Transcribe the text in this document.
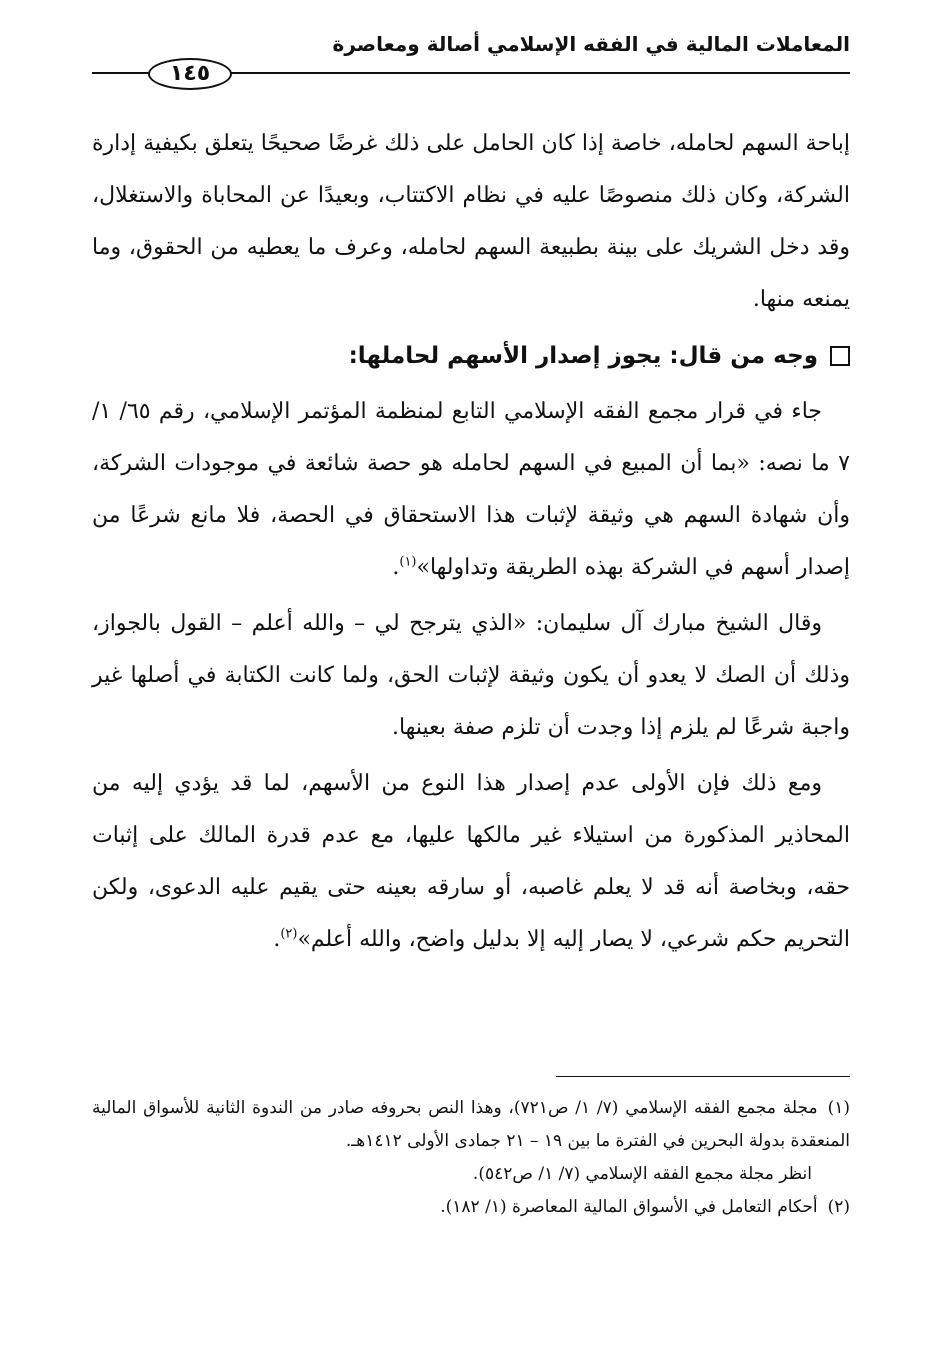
المعاملات المالية في الفقه الإسلامي أصالة ومعاصرة
١٤٥

إباحة السهم لحامله، خاصة إذا كان الحامل على ذلك غرضًا صحيحًا يتعلق بكيفية إدارة الشركة، وكان ذلك منصوصًا عليه في نظام الاكتتاب، وبعيدًا عن المحاباة والاستغلال، وقد دخل الشريك على بينة بطبيعة السهم لحامله، وعرف ما يعطيه من الحقوق، وما يمنعه منها.

وجه من قال: يجوز إصدار الأسهم لحاملها:

جاء في قرار مجمع الفقه الإسلامي التابع لمنظمة المؤتمر الإسلامي، رقم ٦٥/ ١/ ٧ ما نصه: «بما أن المبيع في السهم لحامله هو حصة شائعة في موجودات الشركة، وأن شهادة السهم هي وثيقة لإثبات هذا الاستحقاق في الحصة، فلا مانع شرعًا من إصدار أسهم في الشركة بهذه الطريقة وتداولها»$^{(١)}$.

وقال الشيخ مبارك آل سليمان: «الذي يترجح لي – والله أعلم – القول بالجواز، وذلك أن الصك لا يعدو أن يكون وثيقة لإثبات الحق، ولما كانت الكتابة في أصلها غير واجبة شرعًا لم يلزم إذا وجدت أن تلزم صفة بعينها.

ومع ذلك فإن الأولى عدم إصدار هذا النوع من الأسهم، لما قد يؤدي إليه من المحاذير المذكورة من استيلاء غير مالكها عليها، مع عدم قدرة المالك على إثبات حقه، وبخاصة أنه قد لا يعلم غاصبه، أو سارقه بعينه حتى يقيم عليه الدعوى، ولكن التحريم حكم شرعي، لا يصار إليه إلا بدليل واضح، والله أعلم»$^{(٢)}$.

(١)مجلة مجمع الفقه الإسلامي (٧/ ١/ ص٧٢١)، وهذا النص بحروفه صادر من الندوة الثانية للأسواق المالية المنعقدة بدولة البحرين في الفترة ما بين ١٩ – ٢١ جمادى الأولى ١٤١٢هـ.

انظر مجلة مجمع الفقه الإسلامي (٧/ ١/ ص٥٤٢).

(٢)أحكام التعامل في الأسواق المالية المعاصرة (١/ ١٨٢).
